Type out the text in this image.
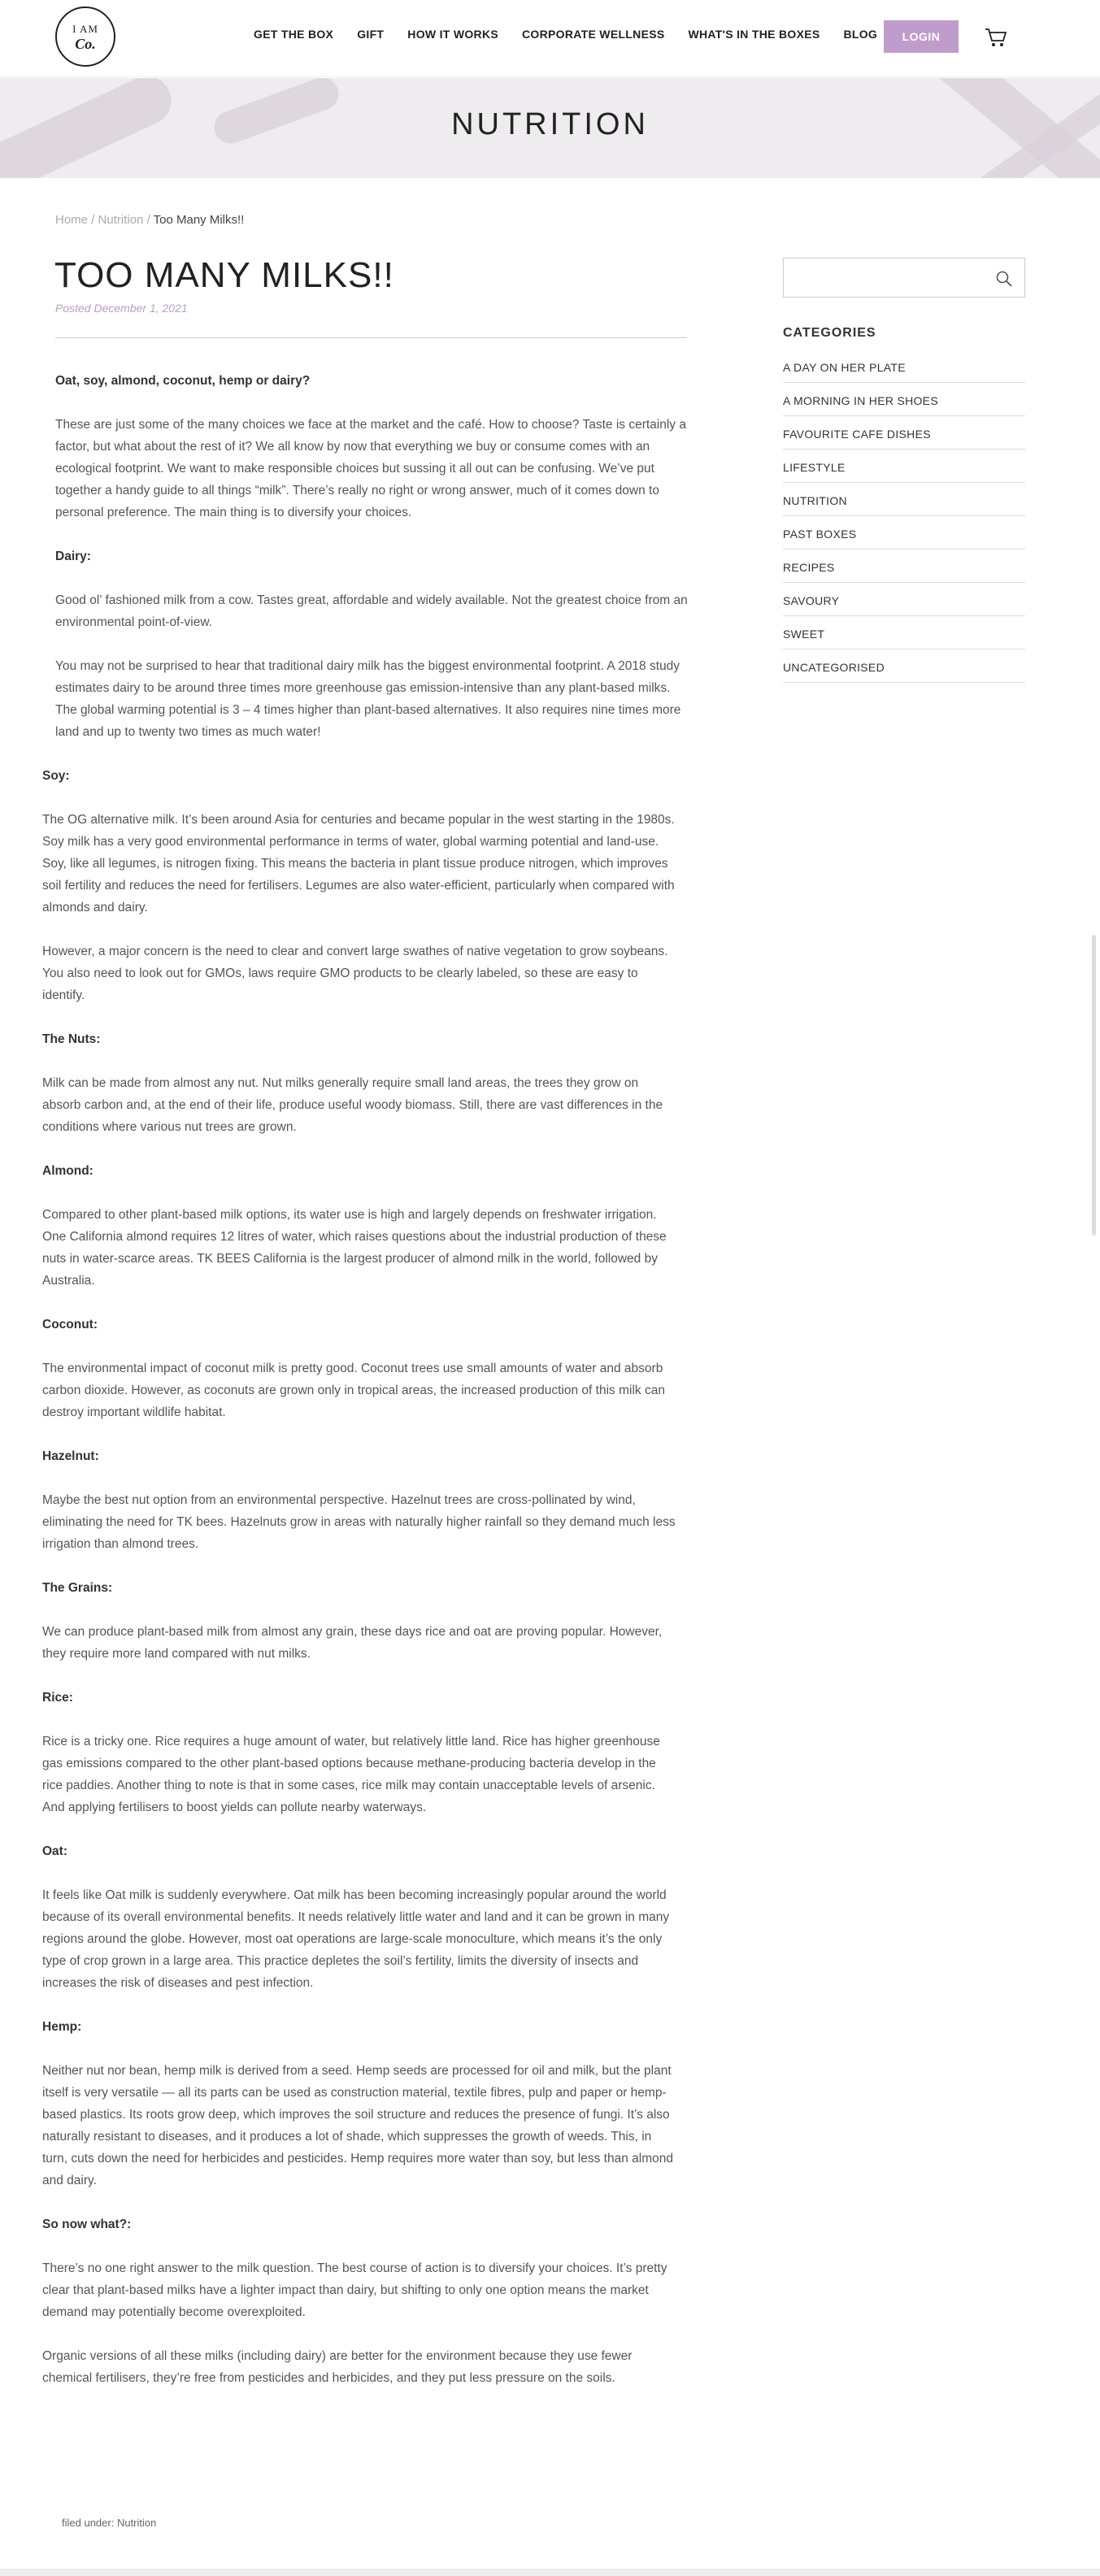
I AM
Co.
GET THE BOX GIFT HOW IT WORKS CORPORATE WELLNESS WHAT'S IN THE BOXES BLOG	LOGIN
NUTRITION
Home / Nutrition / Too Many Milks!!
TOO MANY MILKS!!
Posted December 1, 2021

Oat, soy, almond, coconut, hemp or dairy?

These are just some of the many choices we face at the market and the café. How to choose? Taste is certainly a factor, but what about the rest of it? We all know by now that everything we buy or consume comes with an ecological footprint. We want to make responsible choices but sussing it all out can be confusing. We’ve put together a handy guide to all things “milk”. There’s really no right or wrong answer, much of it comes down to personal preference. The main thing is to diversify your choices.

Dairy:

Good ol’ fashioned milk from a cow. Tastes great, affordable and widely available. Not the greatest choice from an environmental point-of-view.

You may not be surprised to hear that traditional dairy milk has the biggest environmental footprint. A 2018 study estimates dairy to be around three times more greenhouse gas emission-intensive than any plant-based milks. The global warming potential is 3 – 4 times higher than plant-based alternatives. It also requires nine times more land and up to twenty two times as much water!

Soy:

The OG alternative milk. It’s been around Asia for centuries and became popular in the west starting in the 1980s. Soy milk has a very good environmental performance in terms of water, global warming potential and land-use. Soy, like all legumes, is nitrogen fixing. This means the bacteria in plant tissue produce nitrogen, which improves soil fertility and reduces the need for fertilisers. Legumes are also water-efficient, particularly when compared with almonds and dairy.

However, a major concern is the need to clear and convert large swathes of native vegetation to grow soybeans. You also need to look out for GMOs, laws require GMO products to be clearly labeled, so these are easy to identify.

The Nuts:

Milk can be made from almost any nut. Nut milks generally require small land areas, the trees they grow on absorb carbon and, at the end of their life, produce useful woody biomass. Still, there are vast differences in the conditions where various nut trees are grown.

Almond:

Compared to other plant-based milk options, its water use is high and largely depends on freshwater irrigation. One California almond requires 12 litres of water, which raises questions about the industrial production of these nuts in water-scarce areas. TK BEES California is the largest producer of almond milk in the world, followed by Australia.

Coconut:

The environmental impact of coconut milk is pretty good. Coconut trees use small amounts of water and absorb carbon dioxide. However, as coconuts are grown only in tropical areas, the increased production of this milk can destroy important wildlife habitat.

Hazelnut:

Maybe the best nut option from an environmental perspective. Hazelnut trees are cross-pollinated by wind, eliminating the need for TK bees. Hazelnuts grow in areas with naturally higher rainfall so they demand much less irrigation than almond trees.

The Grains:

We can produce plant-based milk from almost any grain, these days rice and oat are proving popular. However, they require more land compared with nut milks.

Rice:

Rice is a tricky one. Rice requires a huge amount of water, but relatively little land. Rice has higher greenhouse gas emissions compared to the other plant-based options because methane-producing bacteria develop in the rice paddies. Another thing to note is that in some cases, rice milk may contain unacceptable levels of arsenic. And applying fertilisers to boost yields can pollute nearby waterways.

Oat:

It feels like Oat milk is suddenly everywhere. Oat milk has been becoming increasingly popular around the world because of its overall environmental benefits. It needs relatively little water and land and it can be grown in many regions around the globe. However, most oat operations are large-scale monoculture, which means it’s the only type of crop grown in a large area. This practice depletes the soil’s fertility, limits the diversity of insects and increases the risk of diseases and pest infection.

Hemp:

Neither nut nor bean, hemp milk is derived from a seed. Hemp seeds are processed for oil and milk, but the plant itself is very versatile — all its parts can be used as construction material, textile fibres, pulp and paper or hemp-based plastics. Its roots grow deep, which improves the soil structure and reduces the presence of fungi. It’s also naturally resistant to diseases, and it produces a lot of shade, which suppresses the growth of weeds. This, in turn, cuts down the need for herbicides and pesticides. Hemp requires more water than soy, but less than almond and dairy.

So now what?:

There’s no one right answer to the milk question. The best course of action is to diversify your choices. It’s pretty clear that plant-based milks have a lighter impact than dairy, but shifting to only one option means the market demand may potentially become overexploited.

Organic versions of all these milks (including dairy) are better for the environment because they use fewer chemical fertilisers, they’re free from pesticides and herbicides, and they put less pressure on the soils.

filed under: Nutrition
CATEGORIES
A DAY ON HER PLATE
A MORNING IN HER SHOES
FAVOURITE CAFE DISHES
LIFESTYLE
NUTRITION
PAST BOXES
RECIPES
SAVOURY
SWEET
UNCATEGORISED
